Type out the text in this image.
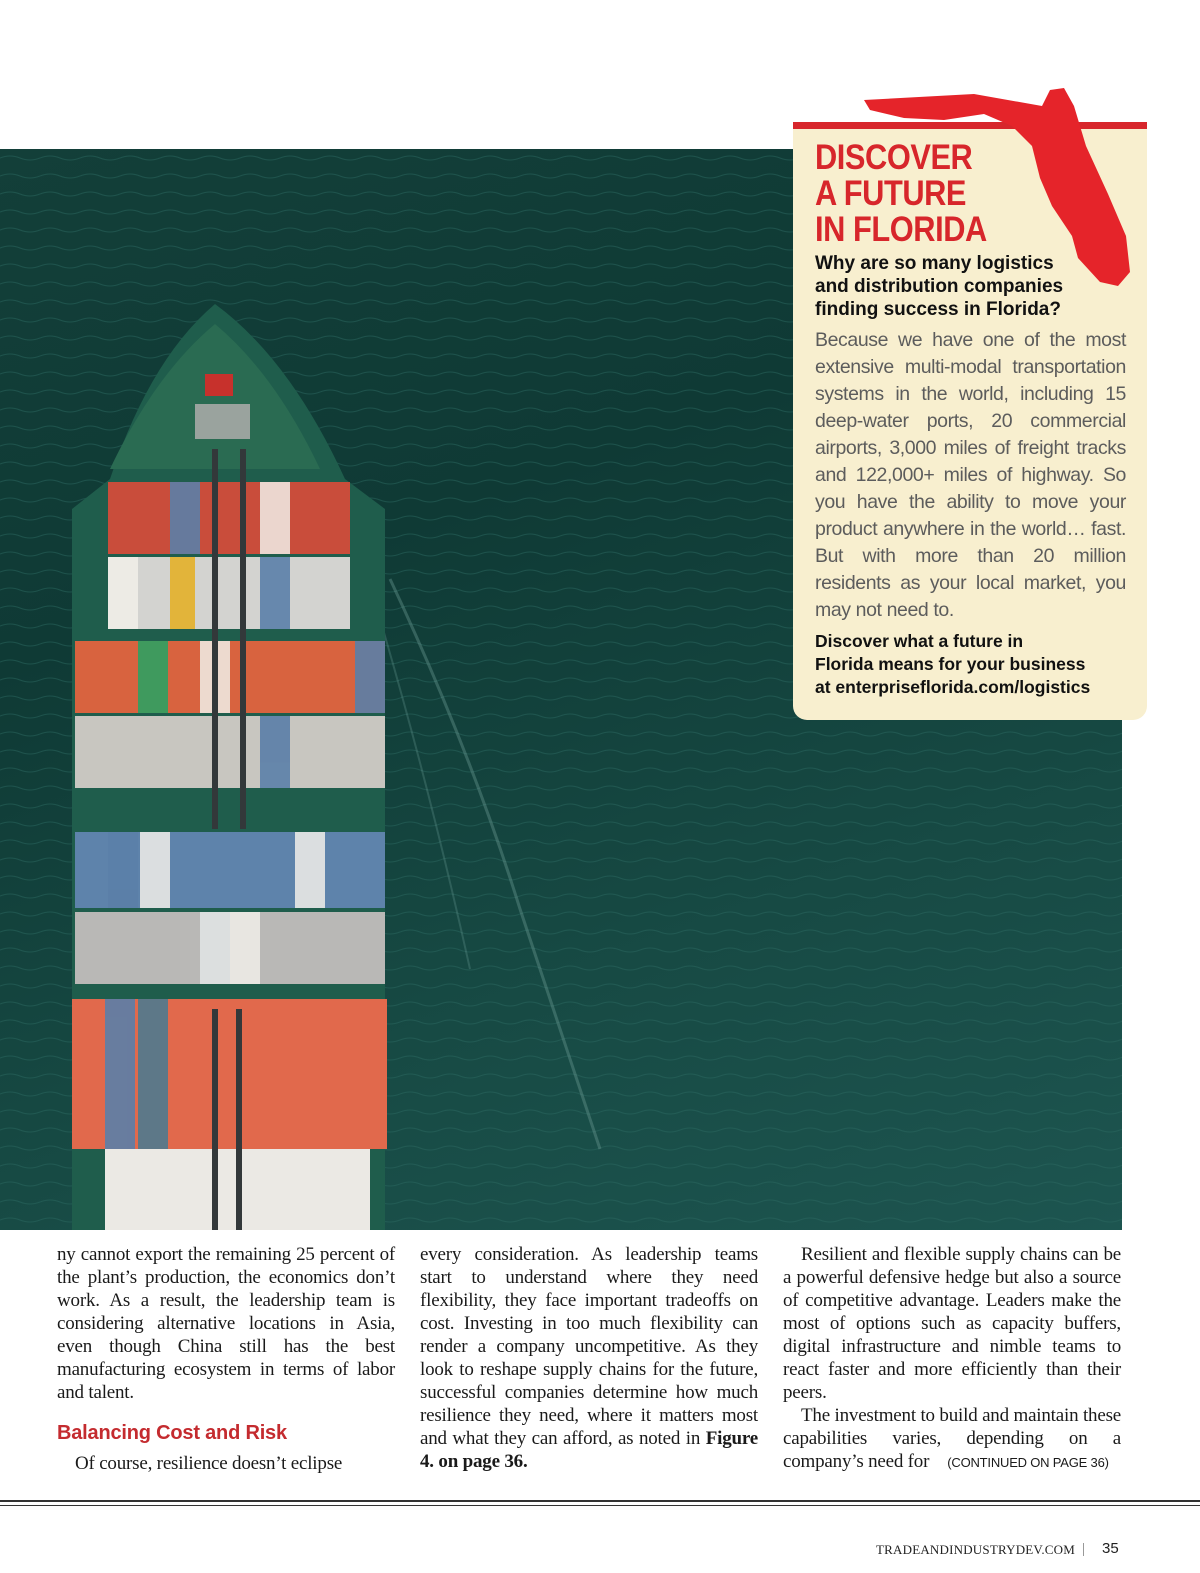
DISCOVER
A FUTURE
IN FLORIDA
Why are so many logistics
and distribution companies
finding success in Florida?
Because we have one of the most extensive multi-modal transportation systems in the world, including 15 deep-water ports, 20 commercial airports, 3,000 miles of freight tracks and 122,000+ miles of highway. So you have the ability to move your product anywhere in the world… fast. But with more than 20 million residents as your local market, you may not need to.
Discover what a future in
Florida means for your business
at enterpriseflorida.com/logistics

ny cannot export the remaining 25 percent of the plant’s production, the economics don’t work. As a result, the leadership team is considering alternative locations in Asia, even though China still has the best manufacturing ecosystem in terms of labor and talent.

Balancing Cost and Risk

Of course, resilience doesn’t eclipse

every consideration. As leadership teams start to understand where they need flexibility, they face important tradeoffs on cost. Investing in too much flexibility can render a company uncompetitive. As they look to reshape supply chains for the future, successful companies determine how much resilience they need, where it matters most and what they can afford, as noted in Figure 4. on page 36.

Resilient and flexible supply chains can be a powerful defensive hedge but also a source of competitive advantage. Leaders make the most of options such as capacity buffers, digital infrastructure and nimble teams to react faster and more efficiently than their peers.

The investment to build and maintain these capabilities varies, depending on a company’s need for (CONTINUED ON PAGE 36)

TRADEANDINDUSTRYDEV.COM 35
